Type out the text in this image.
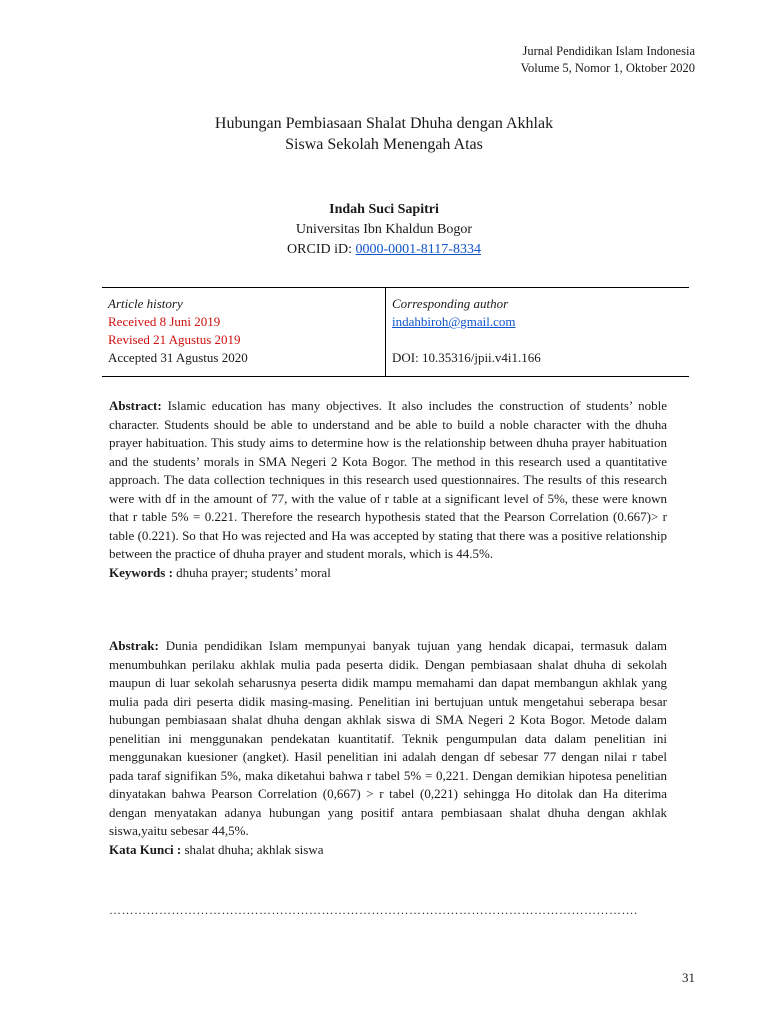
Jurnal Pendidikan Islam Indonesia
Volume 5, Nomor 1, Oktober 2020
Hubungan Pembiasaan Shalat Dhuha dengan Akhlak
Siswa Sekolah Menengah Atas
Indah Suci Sapitri
Universitas Ibn Khaldun Bogor
ORCID iD: 0000-0001-8117-8334
Article history
Received 8 Juni 2019
Revised 21 Agustus 2019
Accepted 31 Agustus 2020
Corresponding author
indahbiroh@gmail.com

DOI: 10.35316/jpii.v4i1.166
Abstract: Islamic education has many objectives. It also includes the construction of students’ noble character. Students should be able to understand and be able to build a noble character with the dhuha prayer habituation. This study aims to determine how is the relationship between dhuha prayer habituation and the students’ morals in SMA Negeri 2 Kota Bogor. The method in this research used a quantitative approach. The data collection techniques in this research used questionnaires. The results of this research were with df in the amount of 77, with the value of r table at a significant level of 5%, these were known that r table 5% = 0.221. Therefore the research hypothesis stated that the Pearson Correlation (0.667)> r table (0.221). So that Ho was rejected and Ha was accepted by stating that there was a positive relationship between the practice of dhuha prayer and student morals, which is 44.5%.
Keywords : dhuha prayer; students’ moral
Abstrak: Dunia pendidikan Islam mempunyai banyak tujuan yang hendak dicapai, termasuk dalam menumbuhkan perilaku akhlak mulia pada peserta didik. Dengan pembiasaan shalat dhuha di sekolah maupun di luar sekolah seharusnya peserta didik mampu memahami dan dapat membangun akhlak yang mulia pada diri peserta didik masing-masing. Penelitian ini bertujuan untuk mengetahui seberapa besar hubungan pembiasaan shalat dhuha dengan akhlak siswa di SMA Negeri 2 Kota Bogor. Metode dalam penelitian ini menggunakan pendekatan kuantitatif. Teknik pengumpulan data dalam penelitian ini menggunakan kuesioner (angket). Hasil penelitian ini adalah dengan df sebesar 77 dengan nilai r tabel pada taraf signifikan 5%, maka diketahui bahwa r tabel 5% = 0,221. Dengan demikian hipotesa penelitian dinyatakan bahwa Pearson Correlation (0,667) > r tabel (0,221) sehingga Ho ditolak dan Ha diterima dengan menyatakan adanya hubungan yang positif antara pembiasaan shalat dhuha dengan akhlak siswa,yaitu sebesar 44,5%.
Kata Kunci : shalat dhuha; akhlak siswa
……………………………………………………………………………………………………………….
31
